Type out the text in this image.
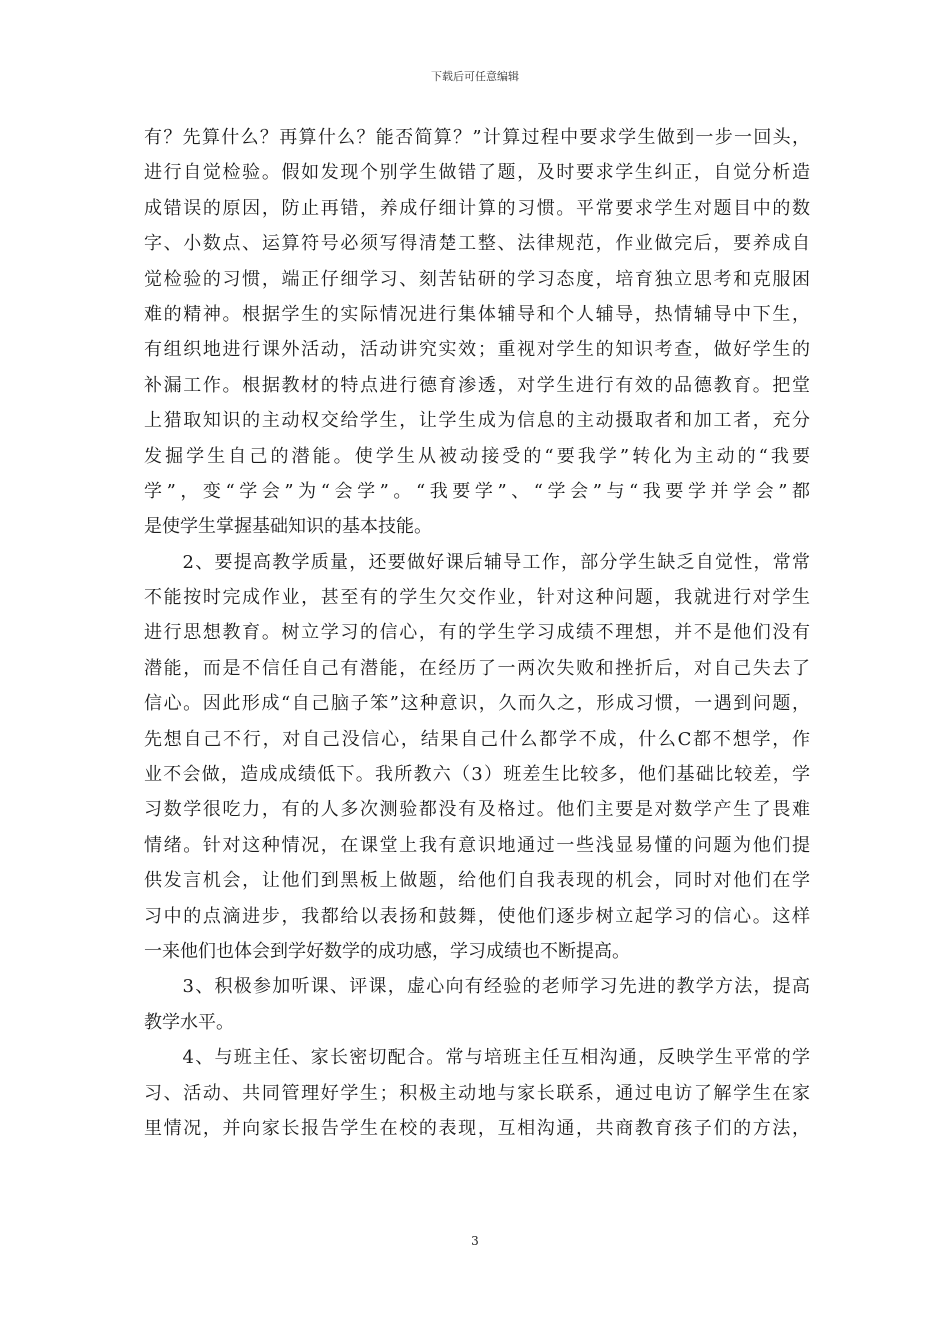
下载后可任意编辑
有？先算什么？再算什么？能否简算？”计算过程中要求学生做到一步一回头，
进行自觉检验。假如发现个别学生做错了题，及时要求学生纠正，自觉分析造
成错误的原因，防止再错，养成仔细计算的习惯。平常要求学生对题目中的数
字、小数点、运算符号必须写得清楚工整、法律规范，作业做完后，要养成自
觉检验的习惯，端正仔细学习、刻苦钻研的学习态度，培育独立思考和克服困
难的精神。根据学生的实际情况进行集体辅导和个人辅导，热情辅导中下生，
有组织地进行课外活动，活动讲究实效；重视对学生的知识考查，做好学生的
补漏工作。根据教材的特点进行德育渗透，对学生进行有效的品德教育。把堂
上猎取知识的主动权交给学生，让学生成为信息的主动摄取者和加工者，充分
发掘学生自己的潜能。使学生从被动接受的“要我学”转化为主动的“我要
学”，变“学会”为“会学”。“我要学”、“学会”与“我要学并学会”都
是使学生掌握基础知识的基本技能。
　　2、要提高教学质量，还要做好课后辅导工作，部分学生缺乏自觉性，常常
不能按时完成作业，甚至有的学生欠交作业，针对这种问题，我就进行对学生
进行思想教育。树立学习的信心，有的学生学习成绩不理想，并不是他们没有
潜能，而是不信任自己有潜能，在经历了一两次失败和挫折后，对自己失去了
信心。因此形成“自己脑子笨”这种意识，久而久之，形成习惯，一遇到问题，
先想自己不行，对自己没信心，结果自己什么都学不成，什么C都不想学，作
业不会做，造成成绩低下。我所教六（3）班差生比较多，他们基础比较差，学
习数学很吃力，有的人多次测验都没有及格过。他们主要是对数学产生了畏难
情绪。针对这种情况，在课堂上我有意识地通过一些浅显易懂的问题为他们提
供发言机会，让他们到黑板上做题，给他们自我表现的机会，同时对他们在学
习中的点滴进步，我都给以表扬和鼓舞，使他们逐步树立起学习的信心。这样
一来他们也体会到学好数学的成功感，学习成绩也不断提高。
　　3、积极参加听课、评课，虚心向有经验的老师学习先进的教学方法，提高
教学水平。
　　4、与班主任、家长密切配合。常与培班主任互相沟通，反映学生平常的学
习、活动、共同管理好学生；积极主动地与家长联系，通过电访了解学生在家
里情况，并向家长报告学生在校的表现，互相沟通，共商教育孩子们的方法，
3
